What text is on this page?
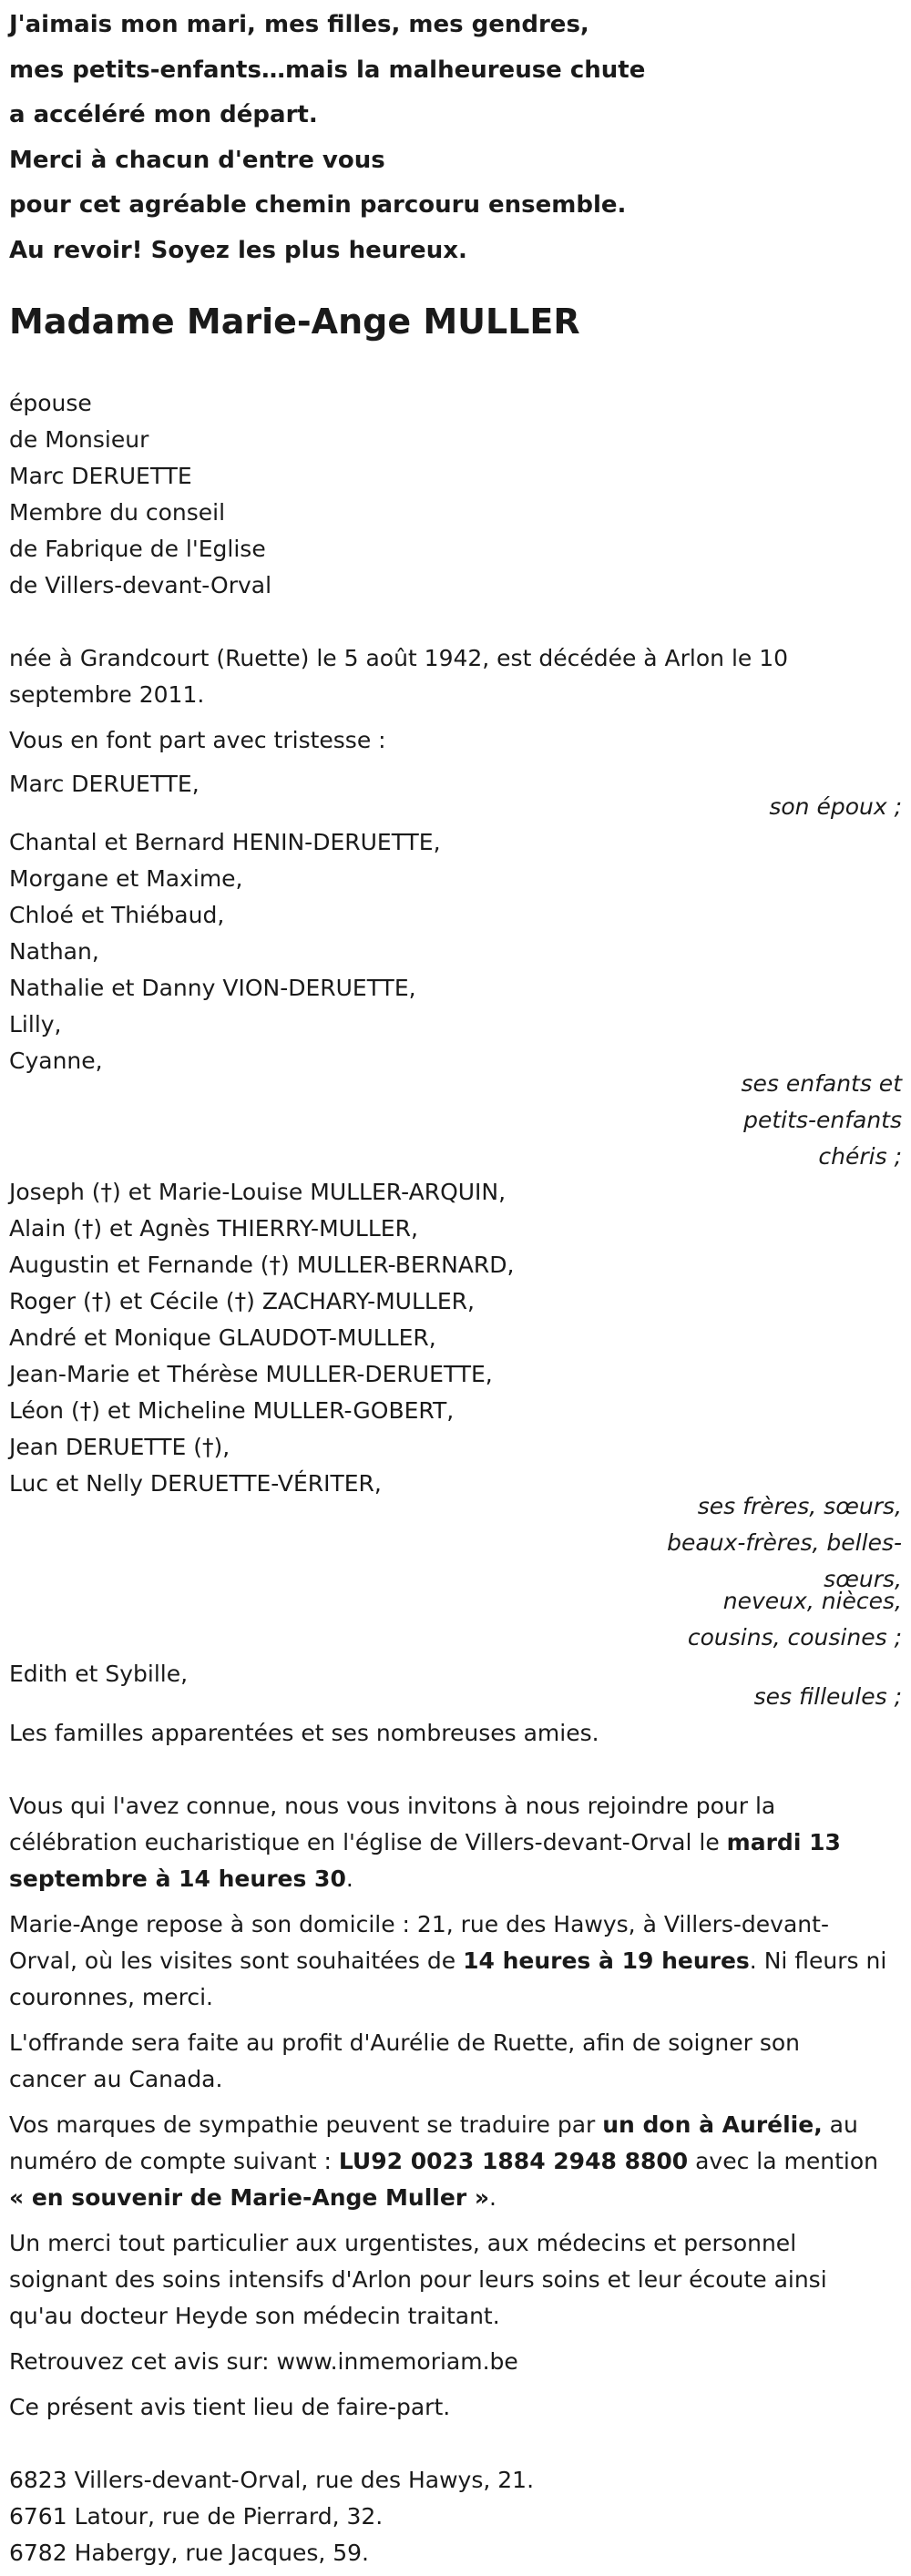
J'aimais mon mari, mes filles, mes gendres,
mes petits-enfants…mais la malheureuse chute
a accéléré mon départ.
Merci à chacun d'entre vous
pour cet agréable chemin parcouru ensemble.
Au revoir! Soyez les plus heureux.
Madame Marie-Ange MULLER
épouse
de Monsieur
Marc DERUETTE
Membre du conseil
de Fabrique de l'Eglise
de Villers-devant-Orval
née à Grandcourt (Ruette) le 5 août 1942, est décédée à Arlon le 10
septembre 2011.
Vous en font part avec tristesse :
Marc DERUETTE,
son époux ;
Chantal et Bernard HENIN-DERUETTE,
Morgane et Maxime,
Chloé et Thiébaud,
Nathan,
Nathalie et Danny VION-DERUETTE,
Lilly,
Cyanne,
ses enfants et
petits-enfants
chéris ;
Joseph (†) et Marie-Louise MULLER-ARQUIN,
Alain (†) et Agnès THIERRY-MULLER,
Augustin et Fernande (†) MULLER-BERNARD,
Roger (†) et Cécile (†) ZACHARY-MULLER,
André et Monique GLAUDOT-MULLER,
Jean-Marie et Thérèse MULLER-DERUETTE,
Léon (†) et Micheline MULLER-GOBERT,
Jean DERUETTE (†),
Luc et Nelly DERUETTE-VÉRITER,
ses frères, sœurs,
beaux-frères, belles-
sœurs,
neveux, nièces,
cousins, cousines ;
Edith et Sybille,
ses filleules ;
Les familles apparentées et ses nombreuses amies.
Vous qui l'avez connue, nous vous invitons à nous rejoindre pour la
célébration eucharistique en l'église de Villers-devant-Orval le mardi 13
septembre à 14 heures 30.
Marie-Ange repose à son domicile : 21, rue des Hawys, à Villers-devant-
Orval, où les visites sont souhaitées de 14 heures à 19 heures. Ni fleurs ni
couronnes, merci.
L'offrande sera faite au profit d'Aurélie de Ruette, afin de soigner son
cancer au Canada.
Vos marques de sympathie peuvent se traduire par un don à Aurélie, au
numéro de compte suivant : LU92 0023 1884 2948 8800 avec la mention
« en souvenir de Marie-Ange Muller ».
Un merci tout particulier aux urgentistes, aux médecins et personnel
soignant des soins intensifs d'Arlon pour leurs soins et leur écoute ainsi
qu'au docteur Heyde son médecin traitant.
Retrouvez cet avis sur: www.inmemoriam.be
Ce présent avis tient lieu de faire-part.
6823 Villers-devant-Orval, rue des Hawys, 21.
6761 Latour, rue de Pierrard, 32.
6782 Habergy, rue Jacques, 59.
